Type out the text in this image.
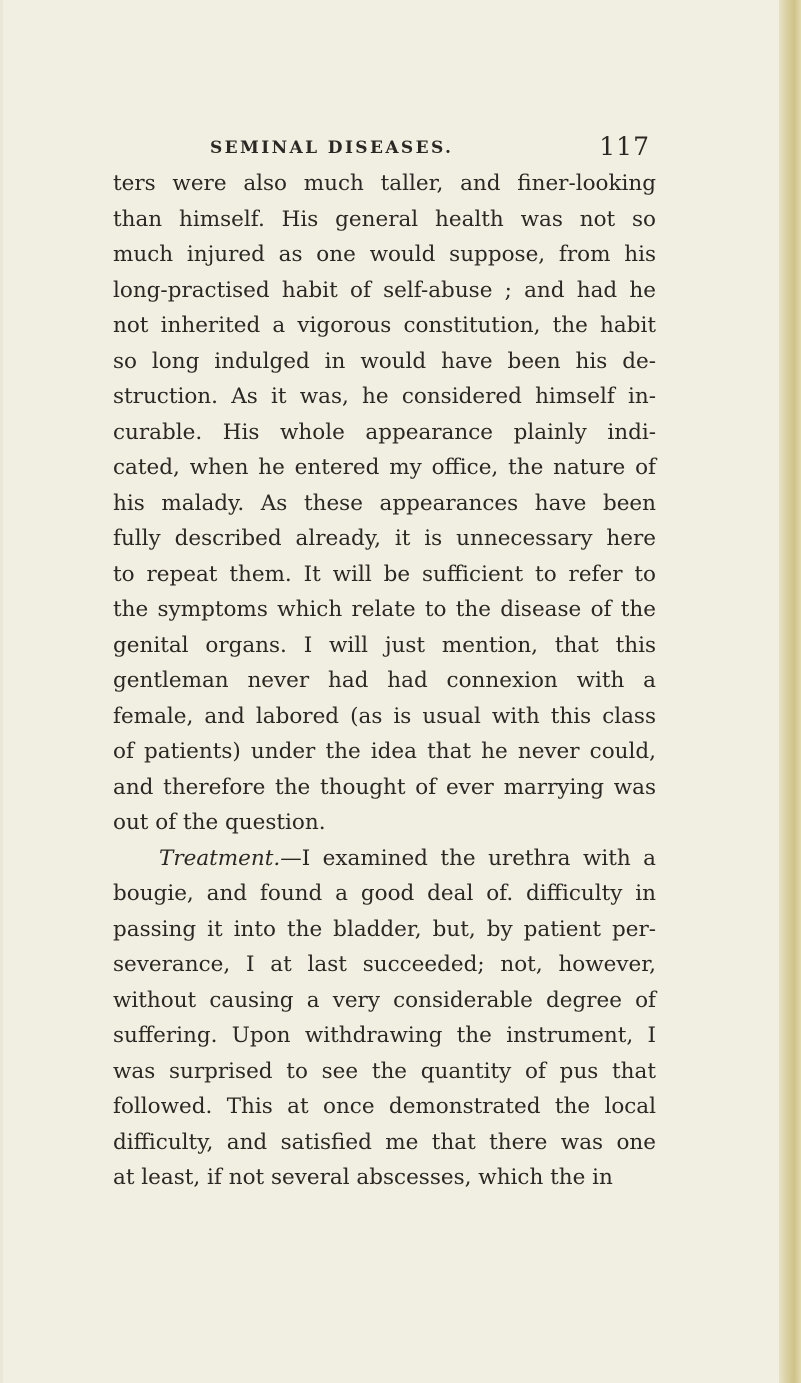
SEMINAL DISEASES.	117
ters were also much taller, and finer-looking
than himself. His general health was not so
much injured as one would suppose, from his
long-practised habit of self-abuse ; and had he
not inherited a vigorous constitution, the habit
so long indulged in would have been his de-
struction. As it was, he considered himself in-
curable. His whole appearance plainly indi-
cated, when he entered my office, the nature of
his malady. As these appearances have been
fully described already, it is unnecessary here
to repeat them. It will be sufficient to refer to
the symptoms which relate to the disease of the
genital organs. I will just mention, that this
gentleman never had had connexion with a
female, and labored (as is usual with this class
of patients) under the idea that he never could,
and therefore the thought of ever marrying was
out of the question.
Treatment.—I examined the urethra with a
bougie, and found a good deal of. difficulty in
passing it into the bladder, but, by patient per-
severance, I at last succeeded; not, however,
without causing a very considerable degree of
suffering. Upon withdrawing the instrument, I
was surprised to see the quantity of pus that
followed. This at once demonstrated the local
difficulty, and satisfied me that there was one
at least, if not several abscesses, which the in
